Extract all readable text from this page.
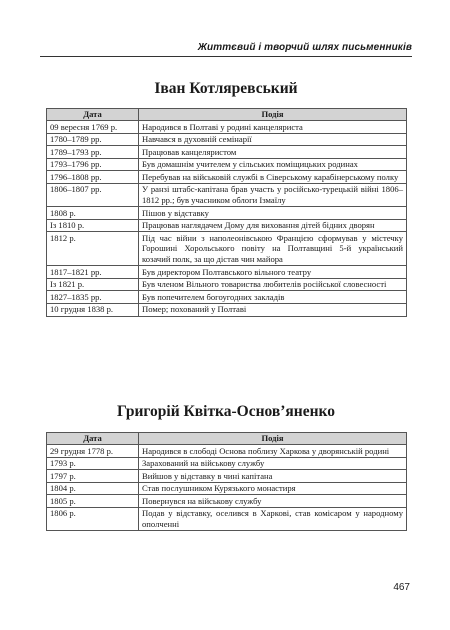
Життєвий і творчий шлях письменників
Іван Котляревський
Дата	Подія
09 вересня 1769 р.	Народився в Полтаві у родині канцеляриста
1780–1789 рр.	Навчався в духовній семінарії
1789–1793 рр.	Працював канцеляристом
1793–1796 рр.	Був домашнім учителем у сільських поміщицьких родинах
1796–1808 рр.	Перебував на військовій службі в Сіверському карабінерському полку
1806–1807 рр.	У ранзі штабс-капітана брав участь у російсько-турецькій війні 1806–1812 рр.; був учасником облоги Ізмаїлу
1808 р.	Пішов у відставку
Із 1810 р.	Працював наглядачем Дому для виховання дітей бідних дворян
1812 р.	Під час війни з наполеонівською Францією сформував у містечку Горошині Хорольського повіту на Полтавщині 5-й український козачий полк, за що дістав чин майора
1817–1821 рр.	Був директором Полтавського вільного театру
Із 1821 р.	Був членом Вільного товариства любителів російської словесності
1827–1835 рр.	Був попечителем богоугодних закладів
10 грудня 1838 р.	Помер; похований у Полтаві
Григорій Квітка-Основ’яненко
Дата	Подія
29 грудня 1778 р.	Народився в слободі Основа поблизу Харкова у дворянській родині
1793 р.	Зарахований на військову службу
1797 р.	Вийшов у відставку в чині капітана
1804 р.	Став послушником Курязького монастиря
1805 р.	Повернувся на військову службу
1806 р.	Подав у відставку, оселився в Харкові, став комісаром у народному ополченні
467
